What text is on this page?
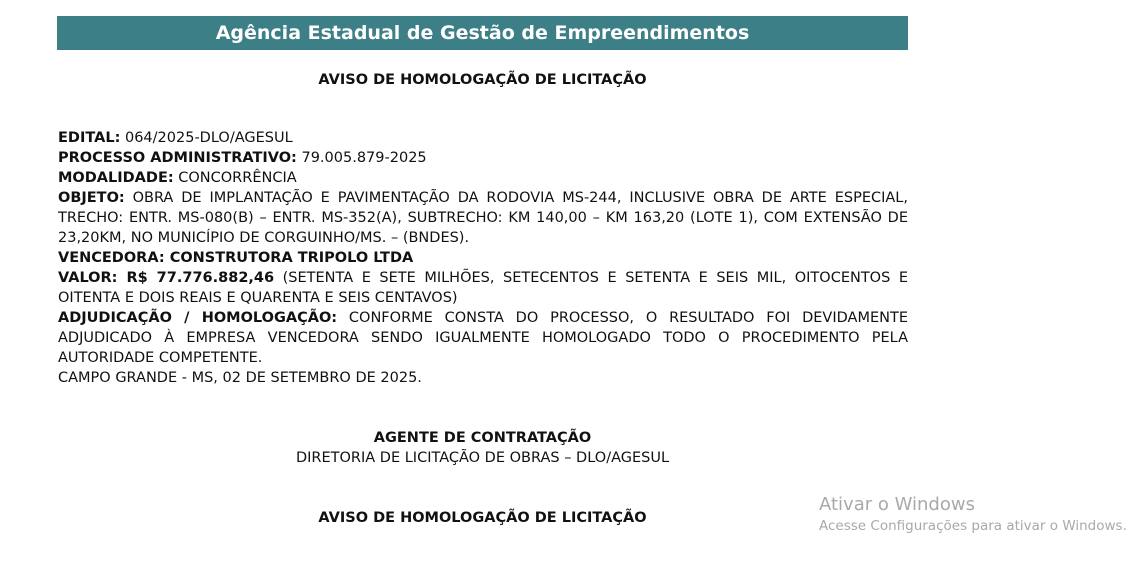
Agência Estadual de Gestão de Empreendimentos
AVISO DE HOMOLOGAÇÃO DE LICITAÇÃO

EDITAL: 064/2025-DLO/AGESUL

PROCESSO ADMINISTRATIVO: 79.005.879-2025

MODALIDADE: CONCORRÊNCIA

OBJETO: OBRA DE IMPLANTAÇÃO E PAVIMENTAÇÃO DA RODOVIA MS-244, INCLUSIVE OBRA DE ARTE ESPECIAL, TRECHO: ENTR. MS-080(B) – ENTR. MS-352(A), SUBTRECHO: KM 140,00 – KM 163,20 (LOTE 1), COM EXTENSÃO DE 23,20KM, NO MUNICÍPIO DE CORGUINHO/MS. – (BNDES).

VENCEDORA: CONSTRUTORA TRIPOLO LTDA

VALOR: R$ 77.776.882,46 (SETENTA E SETE MILHÕES, SETECENTOS E SETENTA E SEIS MIL, OITOCENTOS E OITENTA E DOIS REAIS E QUARENTA E SEIS CENTAVOS)

ADJUDICAÇÃO / HOMOLOGAÇÃO: CONFORME CONSTA DO PROCESSO, O RESULTADO FOI DEVIDAMENTE ADJUDICADO À EMPRESA VENCEDORA SENDO IGUALMENTE HOMOLOGADO TODO O PROCEDIMENTO PELA AUTORIDADE COMPETENTE.

CAMPO GRANDE - MS, 02 DE SETEMBRO DE 2025.

AGENTE DE CONTRATAÇÃO
DIRETORIA DE LICITAÇÃO DE OBRAS – DLO/AGESUL
AVISO DE HOMOLOGAÇÃO DE LICITAÇÃO
Ativar o Windows
Acesse Configurações para ativar o Windows.
